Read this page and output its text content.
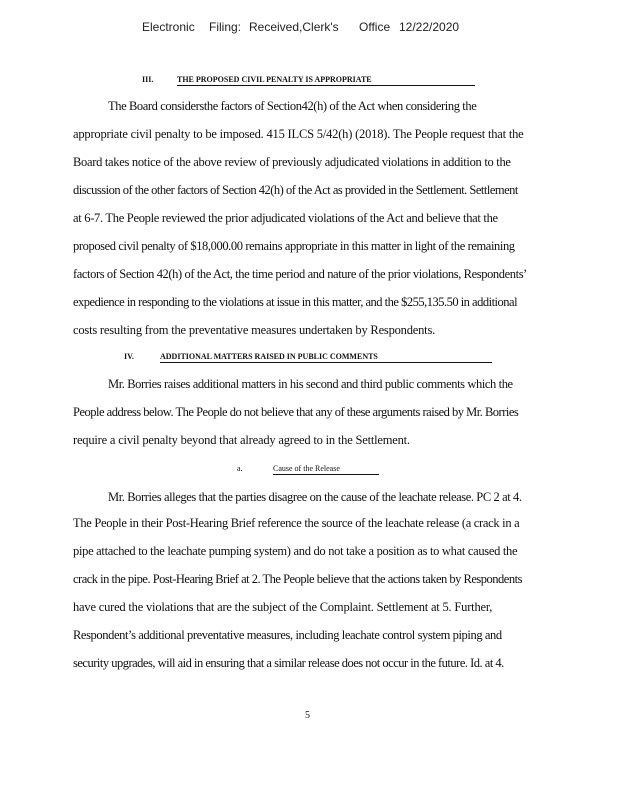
Electronic Filing: Received,Clerk's Office 12/22/2020
III.	THE PROPOSED CIVIL PENALTY IS APPROPRIATE
The Board considersthe factors of Section42(h) of the Act when considering the
appropriate civil penalty to be imposed. 415 ILCS 5/42(h) (2018). The People request that the
Board takes notice of the above review of previously adjudicated violations in addition to the
discussion of the other factors of Section 42(h) of the Act as provided in the Settlement. Settlement
at 6-7. The People reviewed the prior adjudicated violations of the Act and believe that the
proposed civil penalty of $18,000.00 remains appropriate in this matter in light of the remaining
factors of Section 42(h) of the Act, the time period and nature of the prior violations, Respondents’
expedience in responding to the violations at issue in this matter, and the $255,135.50 in additional
costs resulting from the preventative measures undertaken by Respondents.
IV.	ADDITIONAL MATTERS RAISED IN PUBLIC COMMENTS
Mr. Borries raises additional matters in his second and third public comments which the
People address below. The People do not believe that any of these arguments raised by Mr. Borries
require a civil penalty beyond that already agreed to in the Settlement.
a.	Cause of the Release
Mr. Borries alleges that the parties disagree on the cause of the leachate release. PC 2 at 4.
The People in their Post-Hearing Brief reference the source of the leachate release (a crack in a
pipe attached to the leachate pumping system) and do not take a position as to what caused the
crack in the pipe. Post-Hearing Brief at 2. The People believe that the actions taken by Respondents
have cured the violations that are the subject of the Complaint. Settlement at 5. Further,
Respondent’s additional preventative measures, including leachate control system piping and
security upgrades, will aid in ensuring that a similar release does not occur in the future. Id. at 4.
5
